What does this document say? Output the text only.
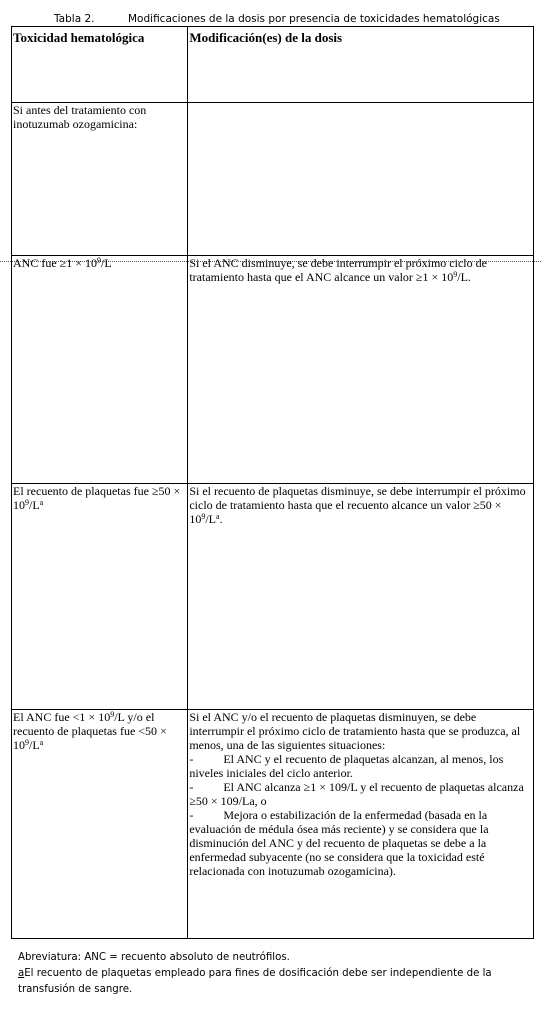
Tabla 2.	Modificaciones de la dosis por presencia de toxicidades hematológicas
Toxicidad hematológica	Modificación(es) de la dosis
Si antes del tratamiento con inotuzumab ozogamicina:	
ANC fue $\ge 1 \times 10^9/L$	Si el ANC disminuye, se debe interrumpir el próximo ciclo de tratamiento hasta que el ANC alcance un valor $\ge 1 \times 10^9/L$.
El recuento de plaquetas fue $\ge 50 \times 10^9/L^a$	Si el recuento de plaquetas disminuye, se debe interrumpir el próximo ciclo de tratamiento hasta que el recuento alcance un valor $\ge 50 \times 10^9/L^a$.
El ANC fue $<1 \times 10^9/L$ y/o el recuento de plaquetas fue $<50 \times 10^9/L^a$	Si el ANC y/o el recuento de plaquetas disminuyen, se debe interrumpir el próximo ciclo de tratamiento hasta que se produzca, al menos, una de las siguientes situaciones:
-          El ANC y el recuento de plaquetas alcanzan, al menos, los niveles iniciales del ciclo anterior.
-          El ANC alcanza ≥1 × 109/L y el recuento de plaquetas alcanza ≥50 × 109/La, o
-          Mejora o estabilización de la enfermedad (basada en la evaluación de médula ósea más reciente) y se considera que la disminución del ANC y del recuento de plaquetas se debe a la enfermedad subyacente (no se considera que la toxicidad esté relacionada con inotuzumab ozogamicina).
Abreviatura: ANC = recuento absoluto de neutrófilos.
aEl recuento de plaquetas empleado para fines de dosificación debe ser independiente de la
transfusión de sangre.
